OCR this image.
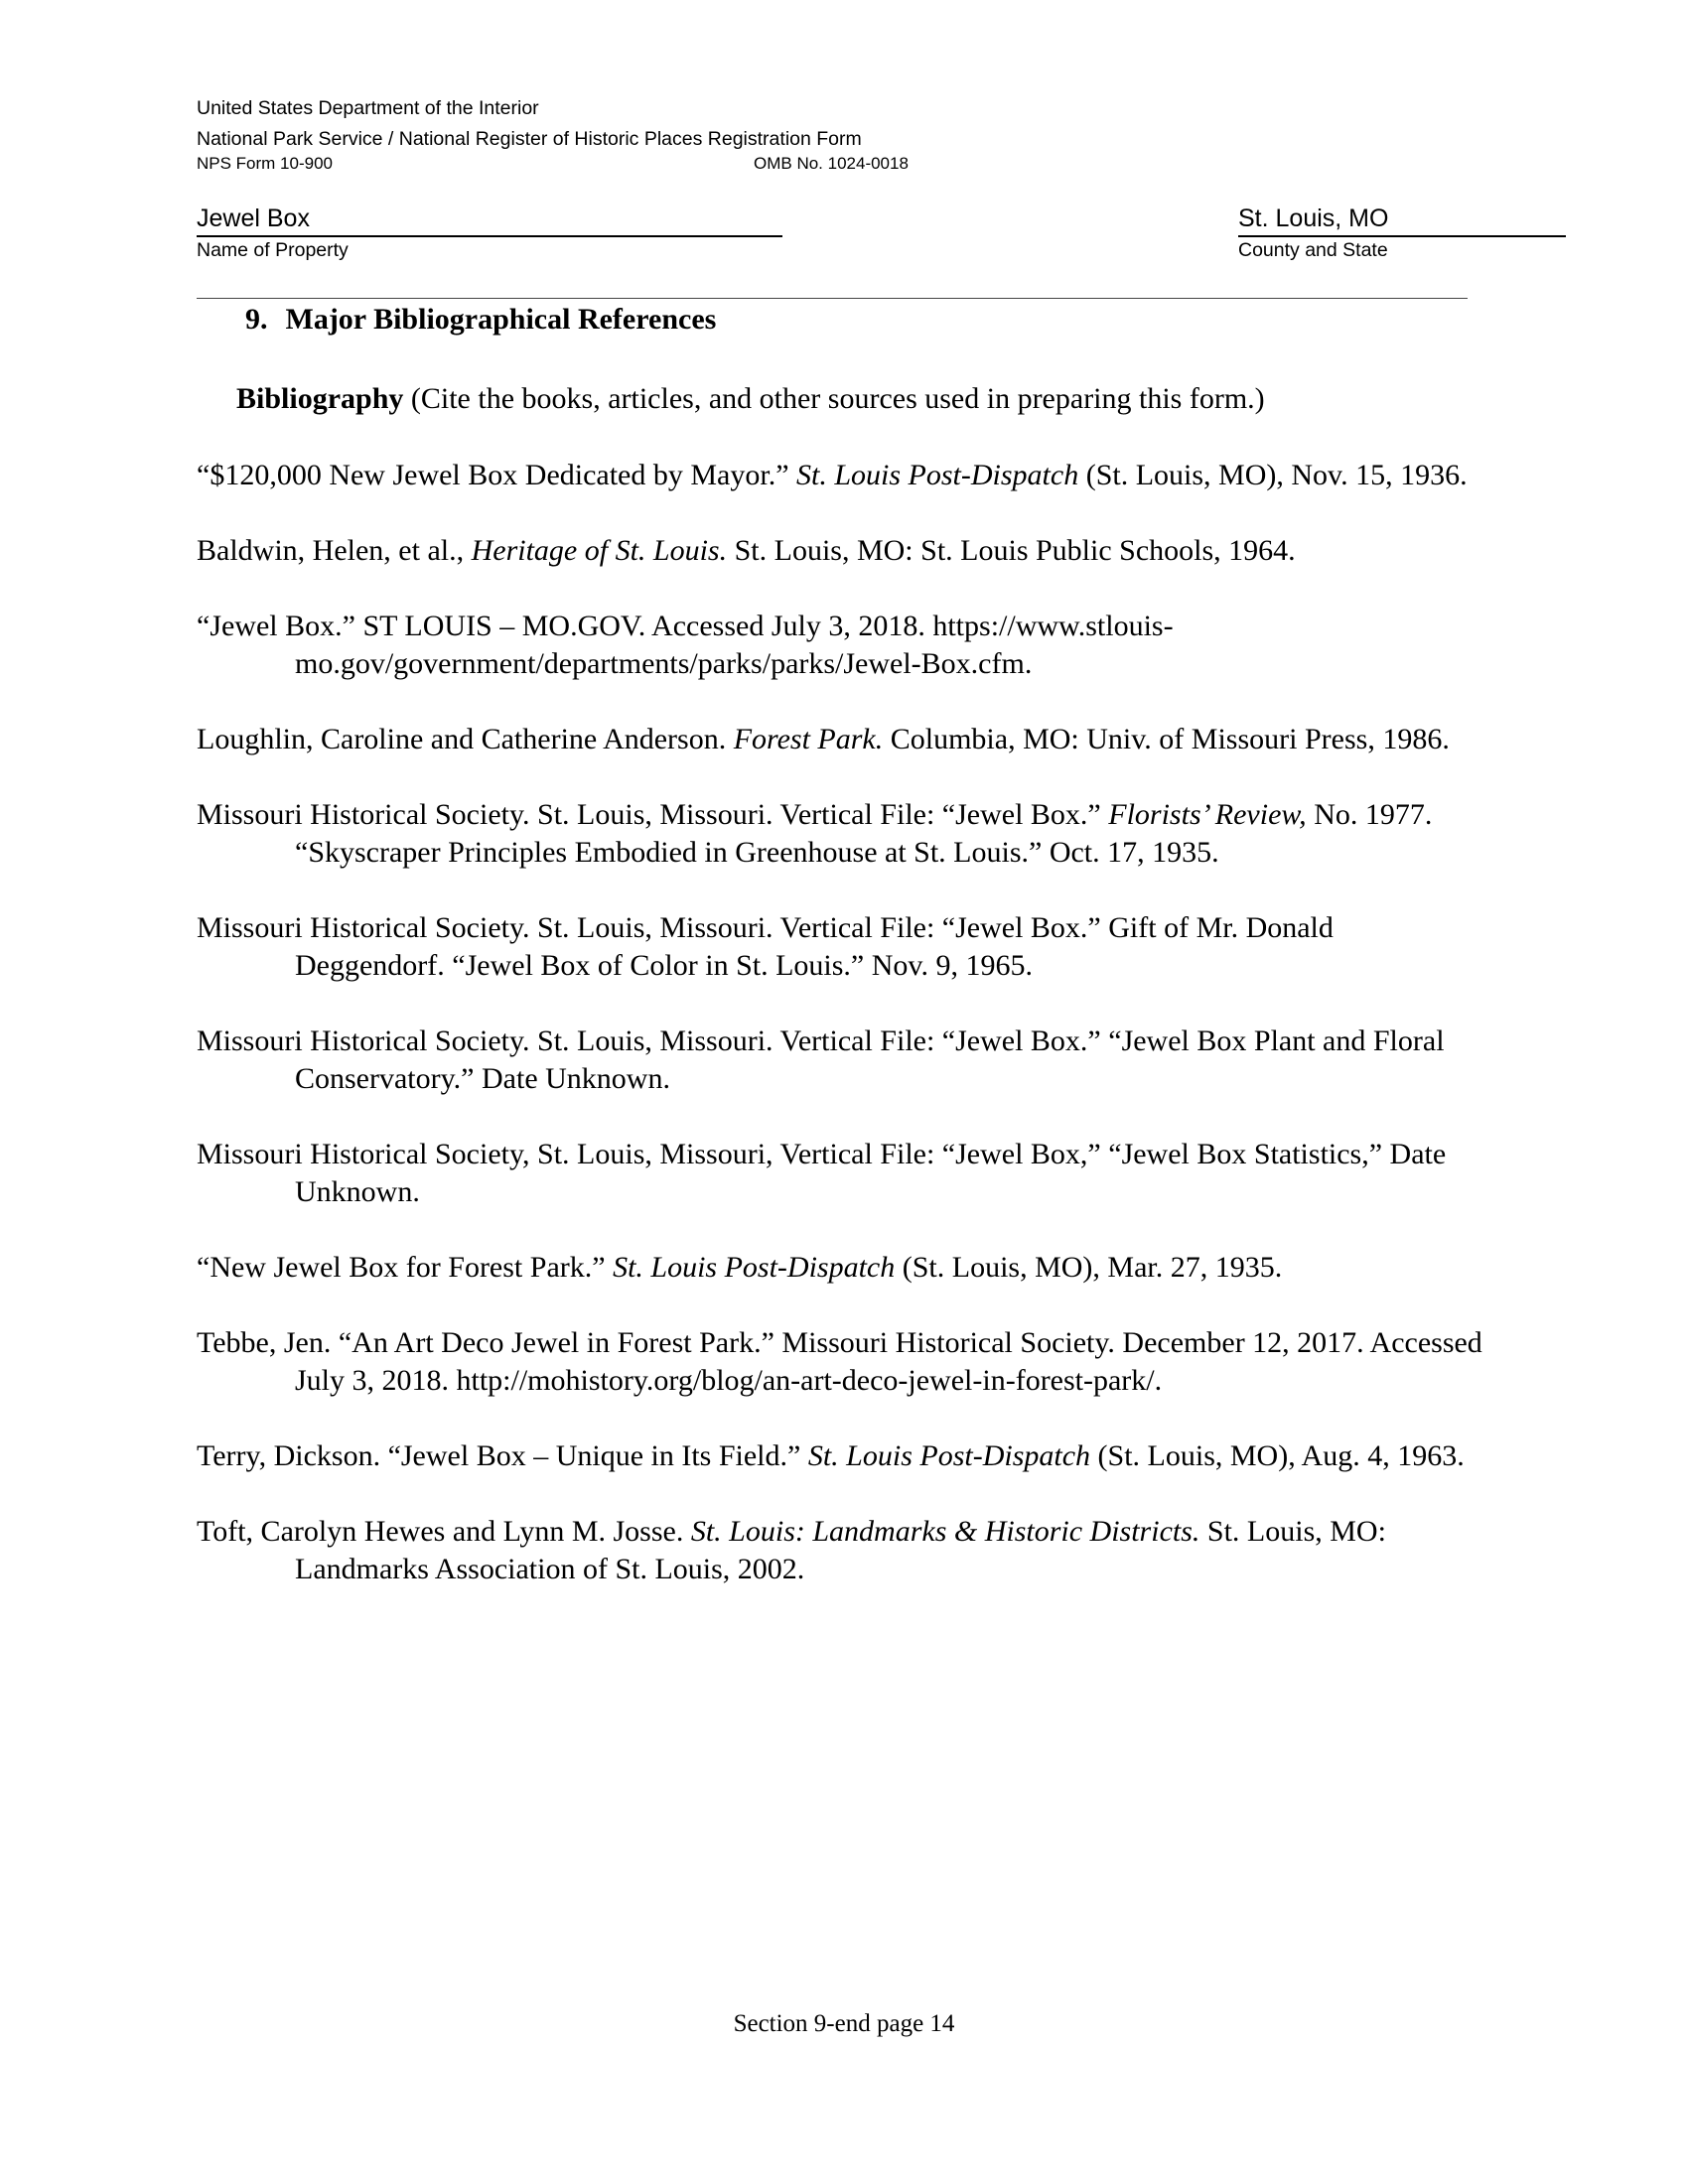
United States Department of the Interior
National Park Service / National Register of Historic Places Registration Form
NPS Form 10-900	OMB No. 1024-0018
Jewel Box
Name of Property
St. Louis, MO
County and State
9. Major Bibliographical References
Bibliography (Cite the books, articles, and other sources used in preparing this form.)

“$120,000 New Jewel Box Dedicated by Mayor.” St. Louis Post-Dispatch (St. Louis, MO), Nov. 15, 1936.

Baldwin, Helen, et al., Heritage of St. Louis. St. Louis, MO: St. Louis Public Schools, 1964.

“Jewel Box.” ST LOUIS – MO.GOV. Accessed July 3, 2018. https://www.stlouis-mo.gov/government/departments/parks/parks/Jewel-Box.cfm.

Loughlin, Caroline and Catherine Anderson. Forest Park. Columbia, MO: Univ. of Missouri Press, 1986.

Missouri Historical Society. St. Louis, Missouri. Vertical File: “Jewel Box.” Florists’ Review, No. 1977. “Skyscraper Principles Embodied in Greenhouse at St. Louis.” Oct. 17, 1935.

Missouri Historical Society. St. Louis, Missouri. Vertical File: “Jewel Box.” Gift of Mr. Donald Deggendorf. “Jewel Box of Color in St. Louis.” Nov. 9, 1965.

Missouri Historical Society. St. Louis, Missouri. Vertical File: “Jewel Box.” “Jewel Box Plant and Floral Conservatory.” Date Unknown.

Missouri Historical Society, St. Louis, Missouri, Vertical File: “Jewel Box,” “Jewel Box Statistics,” Date Unknown.

“New Jewel Box for Forest Park.” St. Louis Post-Dispatch (St. Louis, MO), Mar. 27, 1935.

Tebbe, Jen. “An Art Deco Jewel in Forest Park.” Missouri Historical Society. December 12, 2017. Accessed July 3, 2018. http://mohistory.org/blog/an-art-deco-jewel-in-forest-park/.

Terry, Dickson. “Jewel Box – Unique in Its Field.” St. Louis Post-Dispatch (St. Louis, MO), Aug. 4, 1963.

Toft, Carolyn Hewes and Lynn M. Josse. St. Louis: Landmarks & Historic Districts. St. Louis, MO: Landmarks Association of St. Louis, 2002.

Section 9-end page 14
